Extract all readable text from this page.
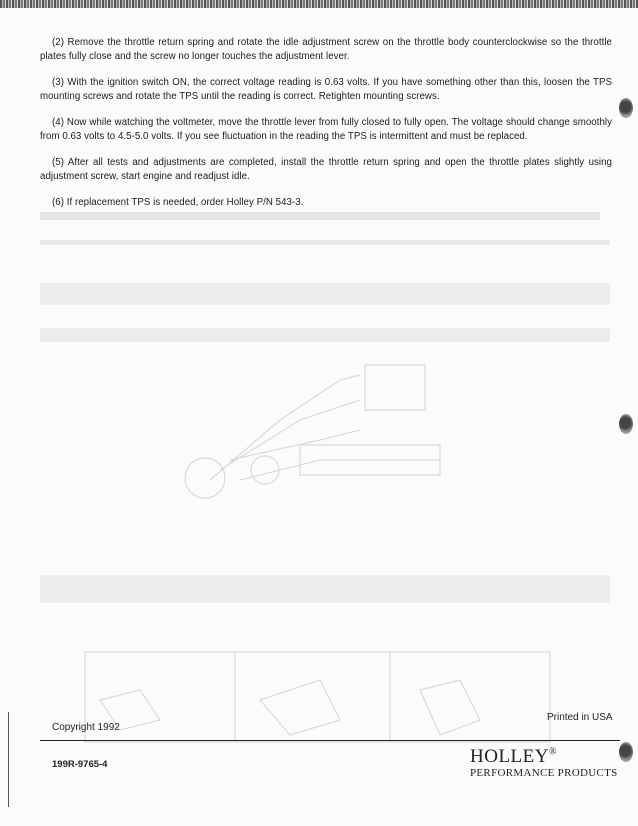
(2) Remove the throttle return spring and rotate the idle adjustment screw on the throttle body counterclockwise so the throttle plates fully close and the screw no longer touches the adjustment lever.

(3) With the ignition switch ON, the correct voltage reading is 0.63 volts. If you have something other than this, loosen the TPS mounting screws and rotate the TPS until the reading is correct. Retighten mounting screws.

(4) Now while watching the voltmeter, move the throttle lever from fully closed to fully open. The voltage should change smoothly from 0.63 volts to 4.5-5.0 volts. If you see fluctuation in the reading the TPS is intermittent and must be replaced.

(5) After all tests and adjustments are completed, install the throttle return spring and open the throttle plates slightly using adjustment screw, start engine and readjust idle.

(6) If replacement TPS is needed, order Holley P/N 543-3.

Printed in USA
Copyright 1992
199R-9765-4	HOLLEY®
PERFORMANCE PRODUCTS
